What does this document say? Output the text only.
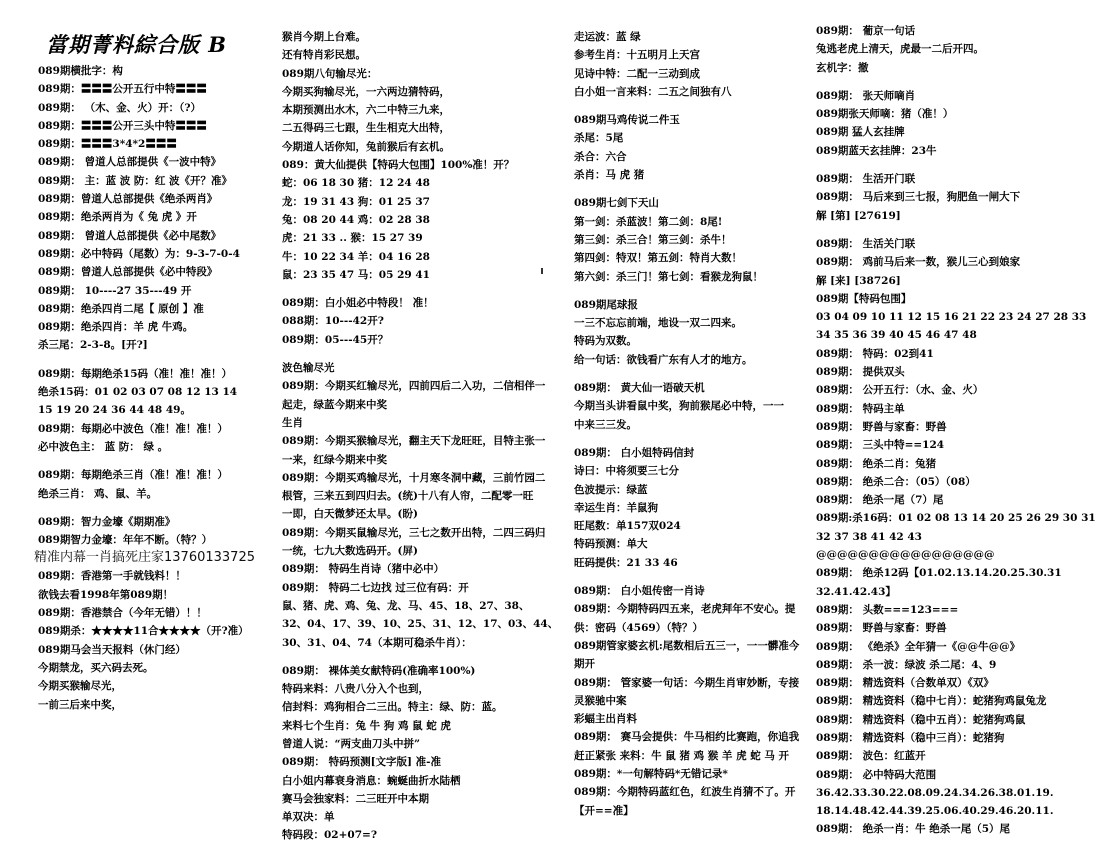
當期菁料綜合版 B
089期横批字：构
089期：〓〓〓公开五行中特〓〓〓
089期： （木、金、火）开：（?）
089期：〓〓〓公开三头中特〓〓〓
089期：〓〓〓3*4*2〓〓〓
089期： 曾道人总部提供《一波中特》
089期： 主：蓝 波 防：红 波《开？准》
089期：曾道人总部提供《绝杀两肖》
089期：绝杀两肖为《 兔 虎 》开
089期： 曾道人总部提供《必中尾数》
089期：必中特码（尾数）为：9-3-7-0-4
089期：曾道人总部提供《必中特段》
089期： 10----27 35---49 开
089期：绝杀四肖二尾【 原创 】准
089期：绝杀四肖：羊 虎 牛鸡。
杀三尾：2-3-8。[开?]
089期：每期绝杀15码（准！准！准！）
绝杀15码：01 02 03 07 08 12 13 14
15 19 20 24 36 44 48 49。
089期：每期必中波色（准！准！准！）
必中波色主： 蓝 防： 绿 。
089期：每期绝杀三肖（准！准！准！）
绝杀三肖： 鸡、鼠、羊。
089期：智力金壕《期期准》
089期智力金壕：年年不断。（特？）
精准内幕一肖搞死庄家13760133725
089期：香港第一手就钱料！！
欲钱去看1998年第089期！
089期：香港禁合（今年无错）！！
089期杀：★★★★11合★★★★（开?准）
089期马会当天报料（休门经）
今期禁龙，买六码去死。
今期买猴输尽光，
一前三后来中奖，
猴肖今期上台难。
还有特肖彩民想。
089期八句输尽光：
今期买狗输尽光，一六两边猜特码，
本期预测出水木，六二中特三九来，
二五得码三七跟，生生相克大出特，
今期道人话你知，兔前猴后有玄机。
089：黄大仙提供【特码大包围】100%准！开？
蛇：06 18 30 猪：12 24 48
龙：19 31 43 狗：01 25 37
兔：08 20 44 鸡：02 28 38
虎：21 33 .. 猴：15 27 39
牛：10 22 34 羊：04 16 28
鼠：23 35 47 马：05 29 41
089期：白小姐必中特段！ 准！
088期：10---42开?
089期：05---45开？
波色输尽光
089期：今期买红输尽光，四前四后二入功，二信相伴一
起走，绿蓝今期来中奖
生肖
089期：今期买猴输尽光，翻主天下龙旺旺，目特主张一
一来，红绿今期来中奖
089期：今期买鸡输尽光，十月寒冬洞中藏，三前竹园二
根管，三来五到四归去。(统)十八有人帘，二配零一旺
一即，白天微梦还太早。(盼)
089期：今期买鼠输尽光，三七之数开出特，二四三码归
一统，七九大数选码开。(屏)
089期： 特码生肖诗（猪中必中）
089期： 特码二七边找 过三位有码：开
鼠、猪、虎、鸡、兔、龙、马、45、18、27、38、
32、04、17、39、10、25、31、12、17、03、44、
30、31、04、74（本期可稳杀牛肖）：
089期： 裸体美女献特码(准确率100%)
特码来料：八贵八分入个也到，
信封料：鸡狗相合二三出。特主：绿、防：蓝。
来料七个生肖：兔 牛 狗 鸡 鼠 蛇 虎
曾道人说：“两支曲刀头中拼”
089期： 特码预测[文字版] 准-准
白小姐内幕衰身消息：蜿蜒曲折水陆栖
赛马会独家料：二三旺开中本期
单双决：单
特码段：02+07=?
走运波：蓝 绿
参考生肖：十五明月上天宫
见诗中特：二配一三动到成
白小姐一言来料：二五之间独有八
089期马鸡传说二件玉
杀尾：5尾
杀合：六合
杀肖：马 虎 猪
089期七剑下天山
第一剑：杀蓝波！第二剑：8尾!
第三剑：杀三合！第三剑：杀牛！
第四剑：特双！第五剑：特肖大数！
第六剑：杀三门！第七剑：看猴龙狗鼠！
089期尾球报
一三不忘忘前端，地设一双二四来。
特码为双数。
给一句话：欲钱看广东有人才的地方。
089期： 黄大仙一语破天机
今期当头讲看鼠中奖，狗前猴尾必中特，一一
中来三三发。
089期： 白小姐特码信封
诗曰：中将须要三七分
色波提示：绿蓝
幸运生肖：羊鼠狗
旺尾数：单157双024
特码预测：单大
旺码提供：21 33 46
089期： 白小姐传密一肖诗
089期：今期特码四五来，老虎拜年不安心。提
供：密码（4569）（特？）
089期管家婆玄机:尾数相后五三一，一一髒准今
期开
089期： 管家婆一句话：今期生肖审妙断，专接
灵猴驰中案
彩蝠主出肖料
089期： 赛马会提供：牛马相约比赛跑，你追我
赶正紧张 来料：牛 鼠 猪 鸡 猴 羊 虎 蛇 马 开
089期：*一句解特码*无错记录*
089期：今期特码蓝红色，红波生肖猜不了。开
【开==准】
089期： 葡京一句话
兔逃老虎上清天，虎最一二后开四。
玄机字：撤
089期： 张天师嘀肖
089期张天师嘀：猪（准！）
089期 猛人玄挂牌
089期蓝天玄挂牌：23牛
089期： 生活开门联
089期： 马后来到三七报，狗肥鱼一闸大下
解 [第] [27619]
089期： 生活关门联
089期： 鸡前马后来一数，猴儿三心到娘家
解 [来] [38726]
089期【特码包围】
03 04 09 10 11 12 15 16 21 22 23 24 27 28 33
34 35 36 39 40 45 46 47 48
089期： 特码：02到41
089期： 提供双头
089期： 公开五行：（水、金、火）
089期： 特码主单
089期： 野兽与家畜：野兽
089期： 三头中特==124
089期： 绝杀二肖：兔猪
089期： 绝杀二合：（05）（08）
089期： 绝杀一尾（7）尾
089期:杀16码：01 02 08 13 14 20 25 26 29 30 31
32 37 38 41 42 43
@@@@@@@@@@@@@@@@@
089期： 绝杀12码【01.02.13.14.20.25.30.31
32.41.42.43】
089期： 头数===123===
089期： 野兽与家畜：野兽
089期： 《绝杀》全年猜一《@@牛@@》
089期： 杀一波：绿波 杀二尾：4、9
089期： 精选资料（合数单双）《双》
089期： 精选资料（稳中七肖）：蛇猪狗鸡鼠兔龙
089期： 精选资料（稳中五肖）：蛇猪狗鸡鼠
089期： 精选资料（稳中三肖）：蛇猪狗
089期： 波色：红蓝开
089期： 必中特码大范围
36.42.33.30.22.08.09.24.34.26.38.01.19.
18.14.48.42.44.39.25.06.40.29.46.20.11.
089期： 绝杀一肖：牛 绝杀一尾（5）尾
